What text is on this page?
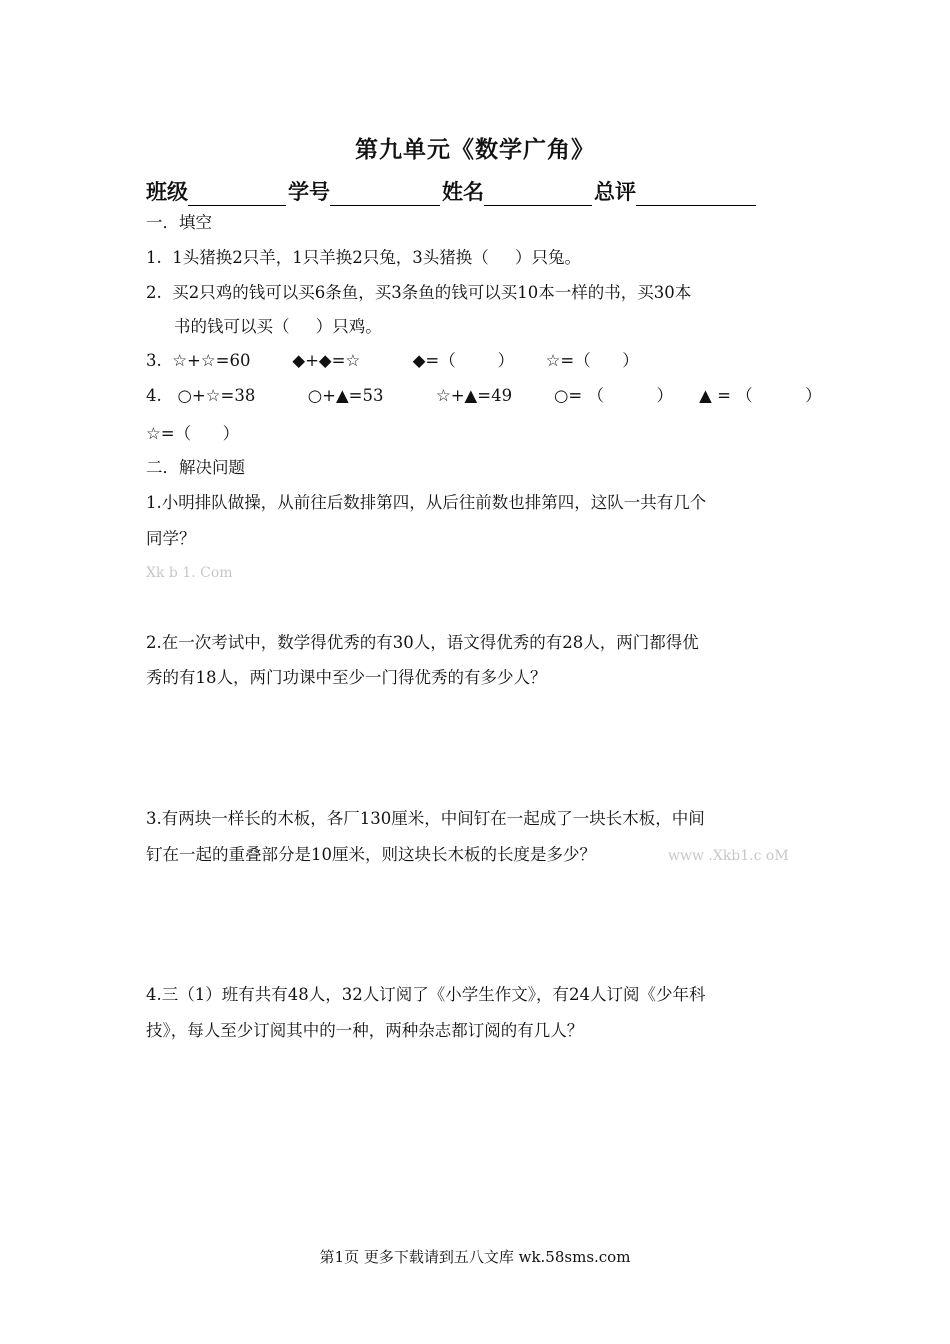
第九单元《数学广角》
班级	学号	姓名	总评
一．填空
1.  1头猪换2只羊，1只羊换2只兔，3头猪换（     ）只兔。
2.  买2只鸡的钱可以买6条鱼，买3条鱼的钱可以买10本一样的书，买30本
书的钱可以买（     ）只鸡。
3.  ☆+☆=60        ◆+◆=☆          ◆=（        ）      ☆=（      ）
4.   ○+☆=38          ○+▲=53          ☆+▲=49        ○= （          ）     ▲ = （          ）
☆=（      ）
二．解决问题
1.小明排队做操，从前往后数排第四，从后往前数也排第四，这队一共有几个
同学？
Xk b 1. Com
2.在一次考试中，数学得优秀的有30人，语文得优秀的有28人，两门都得优
秀的有18人，两门功课中至少一门得优秀的有多少人？
3.有两块一样长的木板，各厂130厘米，中间钉在一起成了一块长木板，中间
钉在一起的重叠部分是10厘米，则这块长木板的长度是多少？	www .Xkb1.c oM
4.三（1）班有共有48人，32人订阅了《小学生作文》，有24人订阅《少年科
技》，每人至少订阅其中的一种，两种杂志都订阅的有几人？
第1页 更多下载请到五八文库 wk.58sms.com
